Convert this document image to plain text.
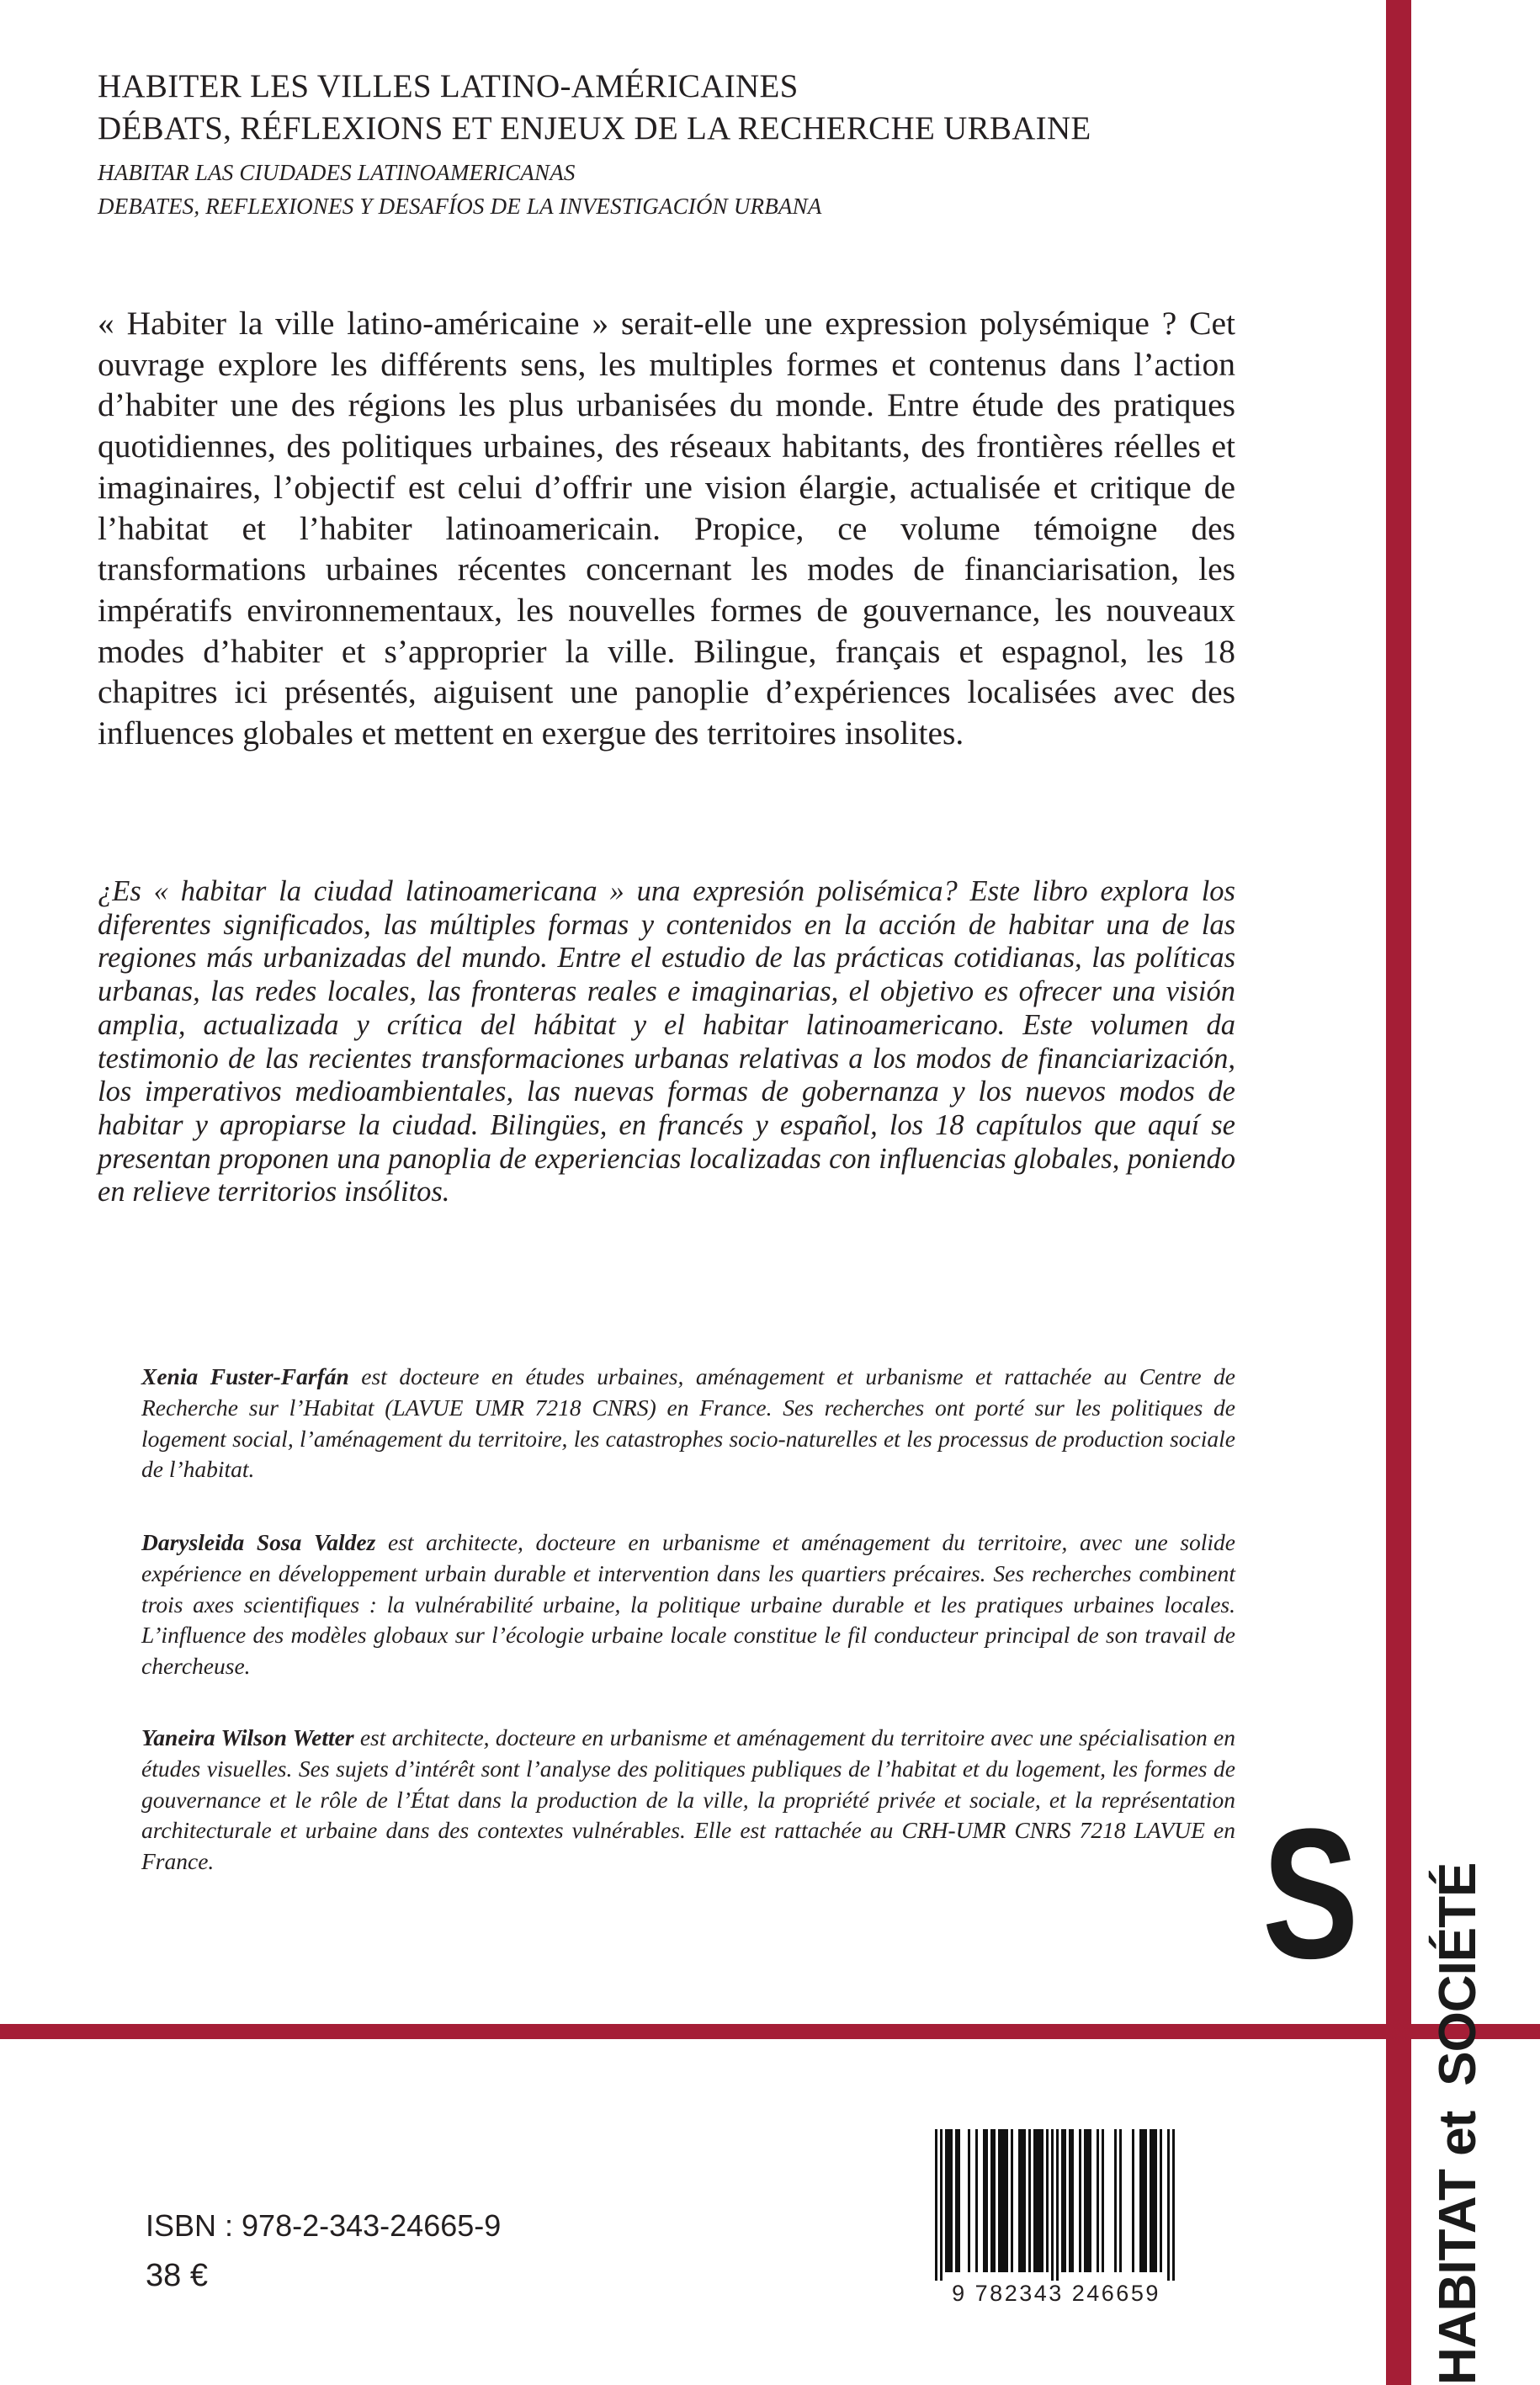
HABITER LES VILLES LATINO-AMÉRICAINES
DÉBATS, RÉFLEXIONS ET ENJEUX DE LA RECHERCHE URBAINE
HABITAR LAS CIUDADES LATINOAMERICANAS
DEBATES, REFLEXIONES Y DESAFÍOS DE LA INVESTIGACIÓN URBANA

« Habiter la ville latino-américaine » serait-elle une expression polysémique ? Cet ouvrage explore les différents sens, les multiples formes et contenus dans l’action d’habiter une des régions les plus urbanisées du monde. Entre étude des pratiques quotidiennes, des politiques urbaines, des réseaux habitants, des frontières réelles et imaginaires, l’objectif est celui d’offrir une vision élargie, actualisée et critique de l’habitat et l’habiter latinoamericain. Propice, ce volume témoigne des transformations urbaines récentes concernant les modes de financiarisation, les impératifs environnementaux, les nouvelles formes de gouvernance, les nouveaux modes d’habiter et s’approprier la ville. Bilingue, français et espagnol, les 18 chapitres ici présentés, aiguisent une panoplie d’expériences localisées avec des influences globales et mettent en exergue des territoires insolites.

¿Es « habitar la ciudad latinoamericana » una expresión polisémica? Este libro explora los diferentes significados, las múltiples formas y contenidos en la acción de habitar una de las regiones más urbanizadas del mundo. Entre el estudio de las prácticas cotidianas, las políticas urbanas, las redes locales, las fronteras reales e imaginarias, el objetivo es ofrecer una visión amplia, actualizada y crítica del hábitat y el habitar latinoamericano. Este volumen da testimonio de las recientes transformaciones urbanas relativas a los modos de financiarización, los imperativos medioambientales, las nuevas formas de gobernanza y los nuevos modos de habitar y apropiarse la ciudad. Bilingües, en francés y español, los 18 capítulos que aquí se presentan proponen una panoplia de experiencias localizadas con influencias globales, poniendo en relieve territorios insólitos.

Xenia Fuster-Farfán est docteure en études urbaines, aménagement et urbanisme et rattachée au Centre de Recherche sur l’Habitat (LAVUE UMR 7218 CNRS) en France. Ses recherches ont porté sur les politiques de logement social, l’aménagement du territoire, les catastrophes socio-naturelles et les processus de production sociale de l’habitat.

Darysleida Sosa Valdez est architecte, docteure en urbanisme et aménagement du territoire, avec une solide expérience en développement urbain durable et intervention dans les quartiers précaires. Ses recherches combinent trois axes scientifiques : la vulnérabilité urbaine, la politique urbaine durable et les pratiques urbaines locales. L’influence des modèles globaux sur l’écologie urbaine locale constitue le fil conducteur principal de son travail de chercheuse.

Yaneira Wilson Wetter est architecte, docteure en urbanisme et aménagement du territoire avec une spécialisation en études visuelles. Ses sujets d’intérêt sont l’analyse des politiques publiques de l’habitat et du logement, les formes de gouvernance et le rôle de l’État dans la production de la ville, la propriété privée et sociale, et la représentation architecturale et urbaine dans des contextes vulnérables. Elle est rattachée au CRH-UMR CNRS 7218 LAVUE en France.	S
HABITAT etSOCIÉTÉ
ISBN : 978-2-343-24665-9
38 €	9 782343 246659
